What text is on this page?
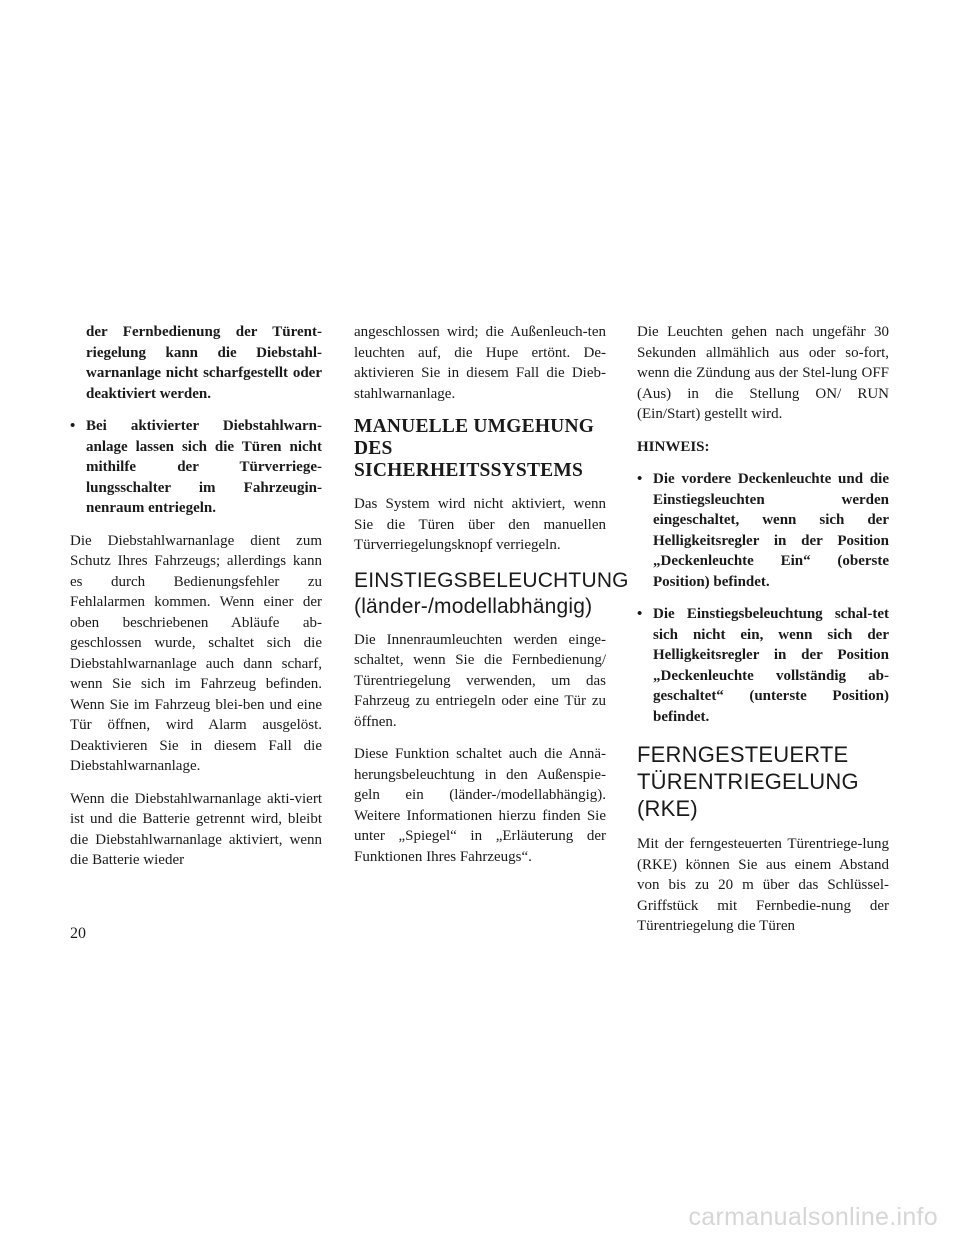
der Fernbedienung der Türent-riegelung kann die Diebstahl-warnanlage nicht scharfgestellt oder deaktiviert werden.

• Bei aktivierter Diebstahlwarn-anlage lassen sich die Türen nicht mithilfe der Türverriege-lungsschalter im Fahrzeugin-nenraum entriegeln.

Die Diebstahlwarnanlage dient zum Schutz Ihres Fahrzeugs; allerdings kann es durch Bedienungsfehler zu Fehlalarmen kommen. Wenn einer der oben beschriebenen Abläufe ab-geschlossen wurde, schaltet sich die Diebstahlwarnanlage auch dann scharf, wenn Sie sich im Fahrzeug befinden. Wenn Sie im Fahrzeug blei-ben und eine Tür öffnen, wird Alarm ausgelöst. Deaktivieren Sie in diesem Fall die Diebstahlwarnanlage.

Wenn die Diebstahlwarnanlage akti-viert ist und die Batterie getrennt wird, bleibt die Diebstahlwarnanlage aktiviert, wenn die Batterie wieder

angeschlossen wird; die Außenleuch-ten leuchten auf, die Hupe ertönt. De-aktivieren Sie in diesem Fall die Dieb-stahlwarnanlage.

MANUELLE UMGEHUNG DES SICHERHEITSSYSTEMS

Das System wird nicht aktiviert, wenn Sie die Türen über den manuellen Türverriegelungsknopf verriegeln.

EINSTIEGSBELEUCHTUNG
(länder-/modellabhängig)

Die Innenraumleuchten werden einge-schaltet, wenn Sie die Fernbedienung/ Türentriegelung verwenden, um das Fahrzeug zu entriegeln oder eine Tür zu öffnen.

Diese Funktion schaltet auch die Annä-herungsbeleuchtung in den Außenspie-geln ein (länder-/modellabhängig). Weitere Informationen hierzu finden Sie unter „Spiegel“ in „Erläuterung der Funktionen Ihres Fahrzeugs“.

Die Leuchten gehen nach ungefähr 30 Sekunden allmählich aus oder so-fort, wenn die Zündung aus der Stel-lung OFF (Aus) in die Stellung ON/ RUN (Ein/Start) gestellt wird.

HINWEIS:

• Die vordere Deckenleuchte und die Einstiegsleuchten werden eingeschaltet, wenn sich der Helligkeitsregler in der Position „Deckenleuchte Ein“ (oberste Position) befindet.
• Die Einstiegsbeleuchtung schal-tet sich nicht ein, wenn sich der Helligkeitsregler in der Position „Deckenleuchte vollständig ab-geschaltet“ (unterste Position) befindet.
FERNGESTEUERTE
TÜRENTRIEGELUNG
(RKE)

Mit der ferngesteuerten Türentriege-lung (RKE) können Sie aus einem Abstand von bis zu 20 m über das Schlüssel-Griffstück mit Fernbedie-nung der Türentriegelung die Türen

20
carmanualsonline.info
